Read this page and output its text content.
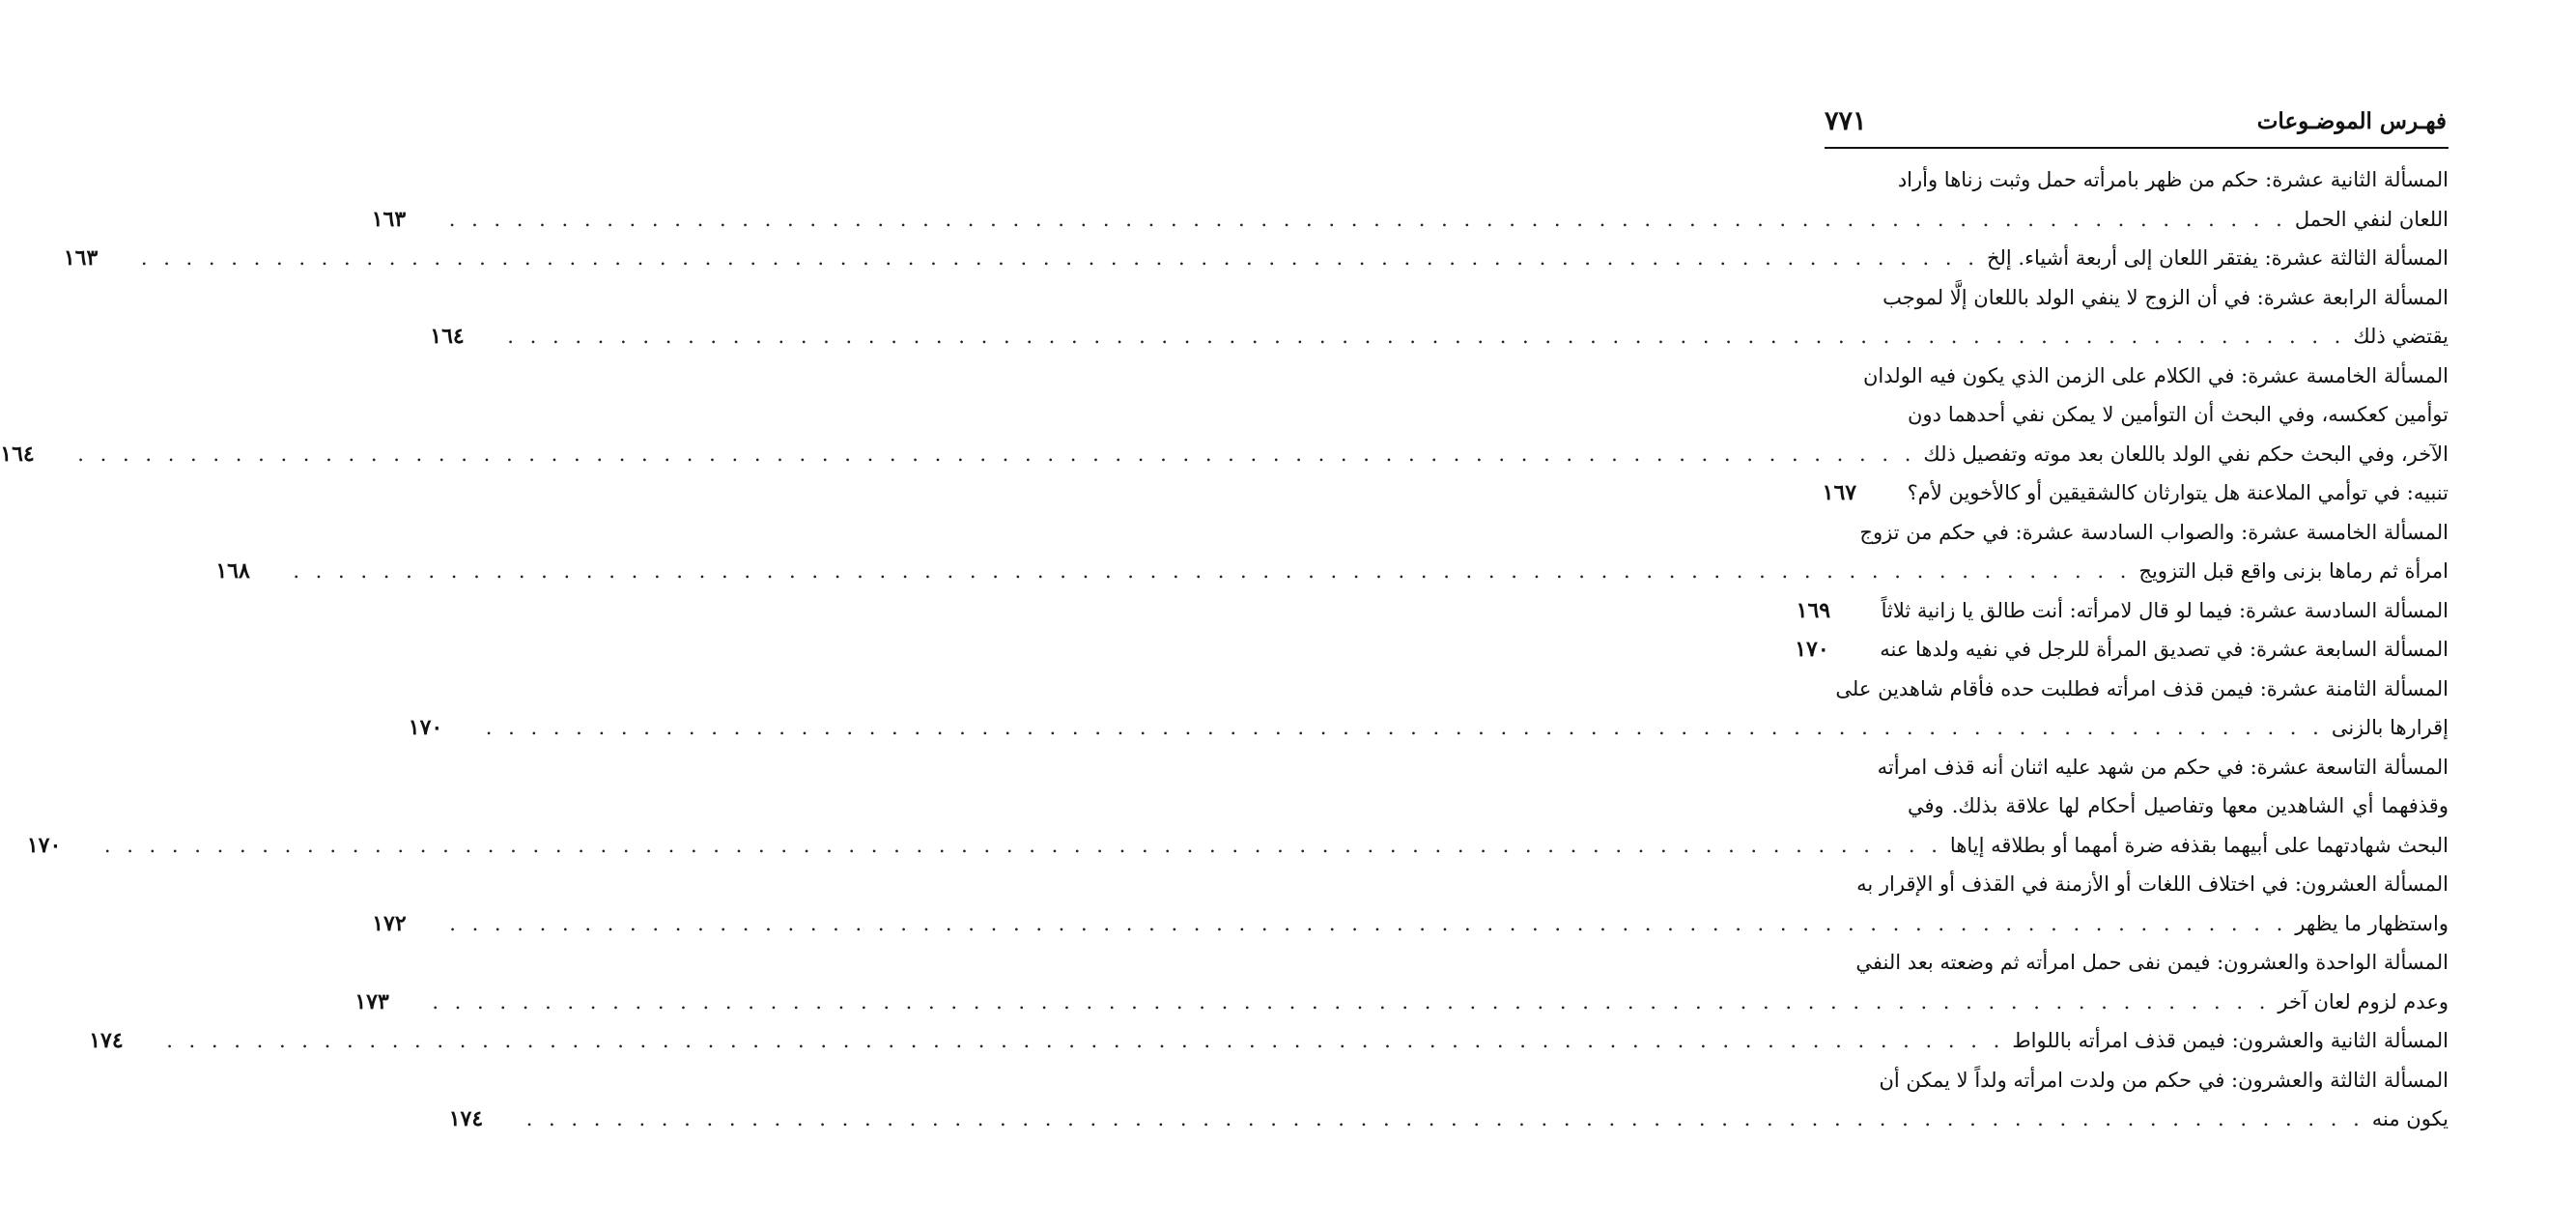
فهـرس الموضـوعات
٧٧١
المسألة الثانية عشرة: حكم من ظهر بامرأته حمل وثبت زناها وأراد
اللعان لنفي الحمل
. . .
١٦٣
المسألة الثالثة عشرة: يفتقر اللعان إلى أربعة أشياء. إلخ
. . .
١٦٣
المسألة الرابعة عشرة: في أن الزوج لا ينفي الولد باللعان إلَّا لموجب
يقتضي ذلك
. . .
١٦٤
المسألة الخامسة عشرة: في الكلام على الزمن الذي يكون فيه الولدان
توأمين كعكسه، وفي البحث أن التوأمين لا يمكن نفي أحدهما دون
الآخر، وفي البحث حكم نفي الولد باللعان بعد موته وتفصيل ذلك
. . .
١٦٤
تنبيه: في توأمي الملاعنة هل يتوارثان كالشقيقين أو كالأخوين لأم؟
١٦٧
المسألة الخامسة عشرة: والصواب السادسة عشرة: في حكم من تزوج
امرأة ثم رماها بزنى واقع قبل التزويج
. . .
١٦٨
المسألة السادسة عشرة: فيما لو قال لامرأته: أنت طالق يا زانية ثلاثاً
١٦٩
المسألة السابعة عشرة: في تصديق المرأة للرجل في نفيه ولدها عنه
١٧٠
المسألة الثامنة عشرة: فيمن قذف امرأته فطلبت حده فأقام شاهدين على
إقرارها بالزنى
. . .
١٧٠
المسألة التاسعة عشرة: في حكم من شهد عليه اثنان أنه قذف امرأته
وقذفهما أي الشاهدين معها وتفاصيل أحكام لها علاقة بذلك. وفي
البحث شهادتهما على أبيهما بقذفه ضرة أمهما أو بطلاقه إياها
. . .
١٧٠
المسألة العشرون: في اختلاف اللغات أو الأزمنة في القذف أو الإقرار به
واستظهار ما يظهر
. . .
١٧٢
المسألة الواحدة والعشرون: فيمن نفى حمل امرأته ثم وضعته بعد النفي
وعدم لزوم لعان آخر
. . .
١٧٣
المسألة الثانية والعشرون: فيمن قذف امرأته باللواط
. . .
١٧٤
المسألة الثالثة والعشرون: في حكم من ولدت امرأته ولداً لا يمكن أن
يكون منه
. . .
١٧٤
